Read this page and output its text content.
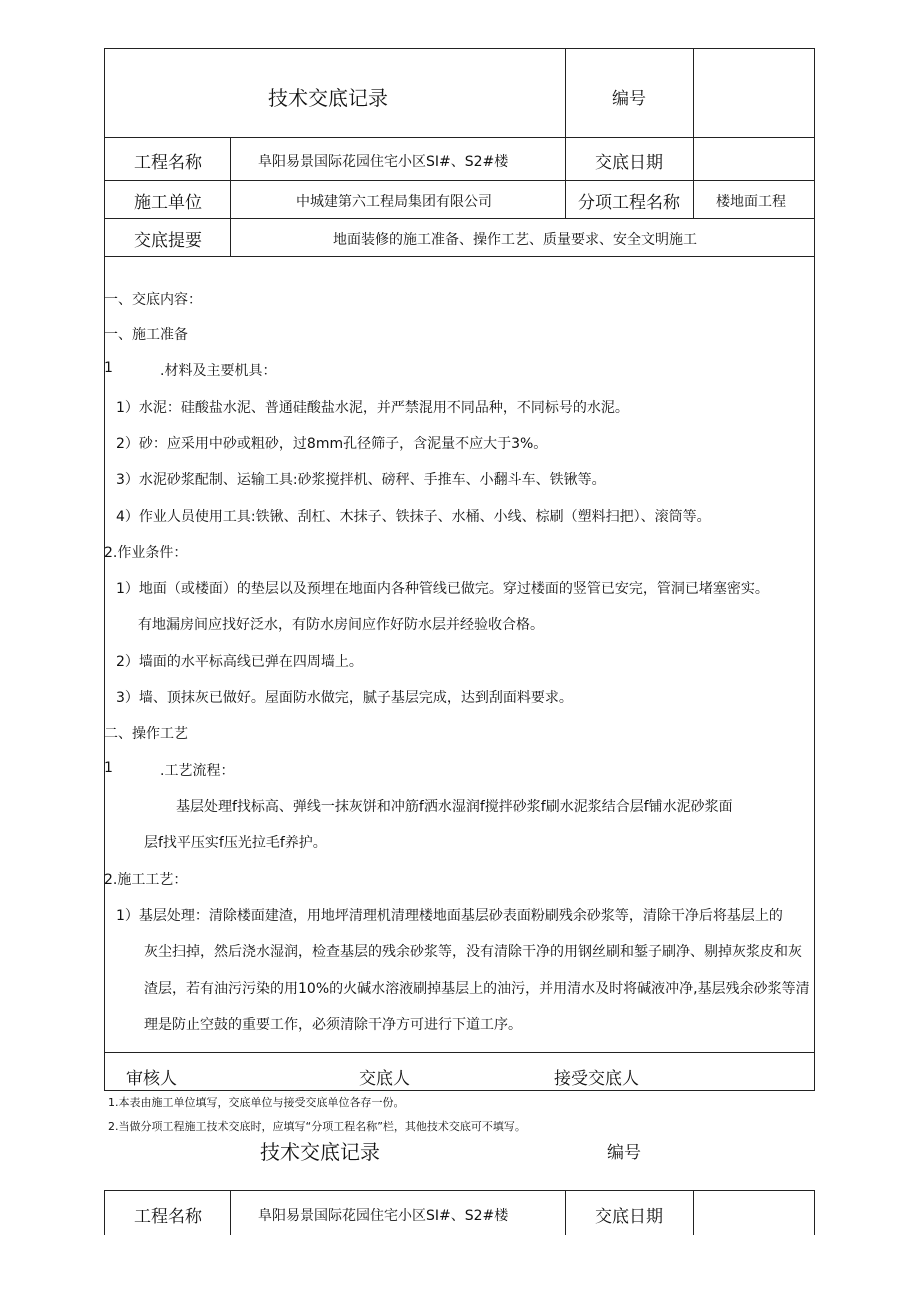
技术交底记录	编号
工程名称	阜阳易景国际花园住宅小区SI#、S2#楼	交底日期
施工单位	中城建第六工程局集团有限公司	分项工程名称	楼地面工程
交底提要	地面装修的施工准备、操作工艺、质量要求、安全文明施工
一、交底内容：
一、施工准备
1	.材料及主要机具：
1）水泥：硅酸盐水泥、普通硅酸盐水泥，并严禁混用不同品种，不同标号的水泥。
2）砂：应采用中砂或粗砂，过8mm孔径筛子，含泥量不应大于3%。
3）水泥砂浆配制、运输工具:砂浆搅拌机、磅秤、手推车、小翻斗车、铁锹等。
4）作业人员使用工具:铁锹、刮杠、木抹子、铁抹子、水桶、小线、棕刷（塑料扫把）、滚筒等。
2.作业条件：
1）地面（或楼面）的垫层以及预埋在地面内各种管线已做完。穿过楼面的竖管已安完，管洞已堵塞密实。
有地漏房间应找好泛水，有防水房间应作好防水层并经验收合格。
2）墙面的水平标高线已弹在四周墙上。
3）墙、顶抹灰已做好。屋面防水做完，腻子基层完成，达到刮面料要求。
二、操作工艺
1	.工艺流程：
基层处理f找标高、弹线一抹灰饼和冲筋f洒水湿润f搅拌砂浆f刷水泥浆结合层f铺水泥砂浆面
层f找平压实f压光拉毛f养护。
2.施工工艺：
1）基层处理：清除楼面建渣，用地坪清理机清理楼地面基层砂表面粉刷残余砂浆等，清除干净后将基层上的
灰尘扫掉，然后浇水湿润，检查基层的残余砂浆等，没有清除干净的用钢丝刷和錾子刷净、剔掉灰浆皮和灰
渣层，若有油污污染的用10%的火碱水溶液刷掉基层上的油污，并用清水及时将碱液冲净,基层残余砂浆等清
理是防止空鼓的重要工作，必须清除干净方可进行下道工序。
审核人	交底人	接受交底人
1.本表由施工单位填写，交底单位与接受交底单位各存一份。
2.当做分项工程施工技术交底时，应填写“分项工程名称”栏，其他技术交底可不填写。
技术交底记录	编号
工程名称	阜阳易景国际花园住宅小区SI#、S2#楼	交底日期
